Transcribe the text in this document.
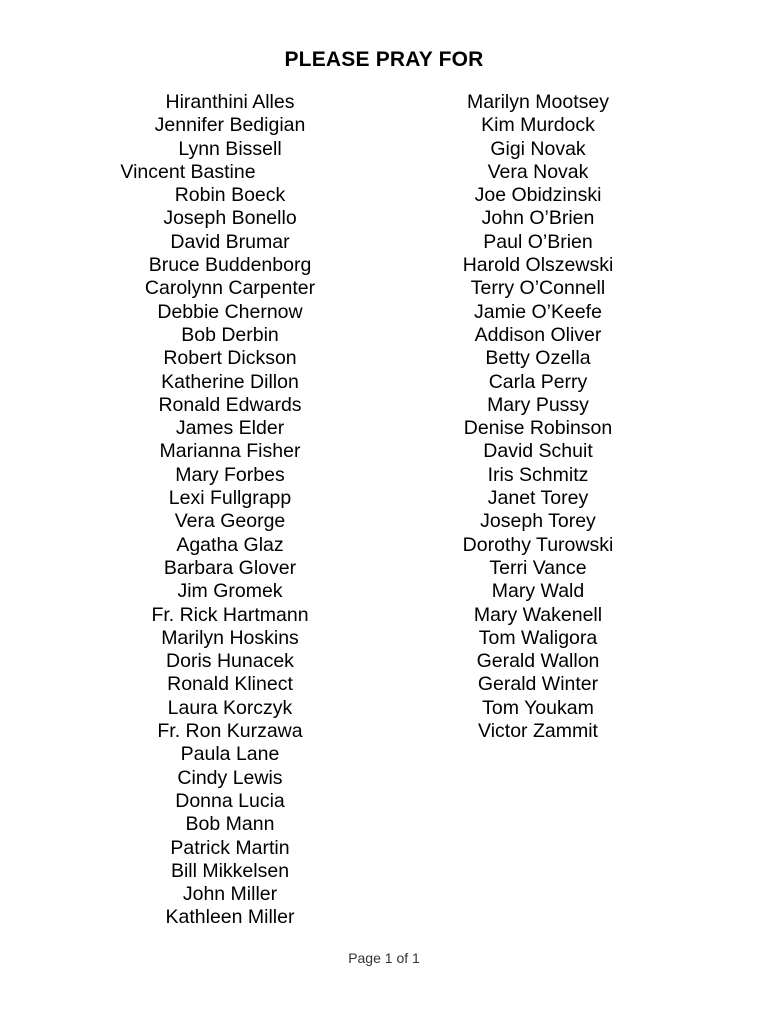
PLEASE PRAY FOR
Hiranthini Alles
Jennifer Bedigian
Lynn Bissell
Vincent Bastine
Robin Boeck
Joseph Bonello
David Brumar
Bruce Buddenborg
Carolynn Carpenter
Debbie Chernow
Bob Derbin
Robert Dickson
Katherine Dillon
Ronald Edwards
James Elder
Marianna Fisher
Mary Forbes
Lexi Fullgrapp
Vera George
Agatha Glaz
Barbara Glover
Jim Gromek
Fr. Rick Hartmann
Marilyn Hoskins
Doris Hunacek
Ronald Klinect
Laura Korczyk
Fr. Ron Kurzawa
Paula Lane
Cindy Lewis
Donna Lucia
Bob Mann
Patrick Martin
Bill Mikkelsen
John Miller
Kathleen Miller
Marilyn Mootsey
Kim Murdock
Gigi Novak
Vera Novak
Joe Obidzinski
John O’Brien
Paul O’Brien
Harold Olszewski
Terry O’Connell
Jamie O’Keefe
Addison Oliver
Betty Ozella
Carla Perry
Mary Pussy
Denise Robinson
David Schuit
Iris Schmitz
Janet Torey
Joseph Torey
Dorothy Turowski
Terri Vance
Mary Wald
Mary Wakenell
Tom Waligora
Gerald Wallon
Gerald Winter
Tom Youkam
Victor Zammit
Page 1 of 1
